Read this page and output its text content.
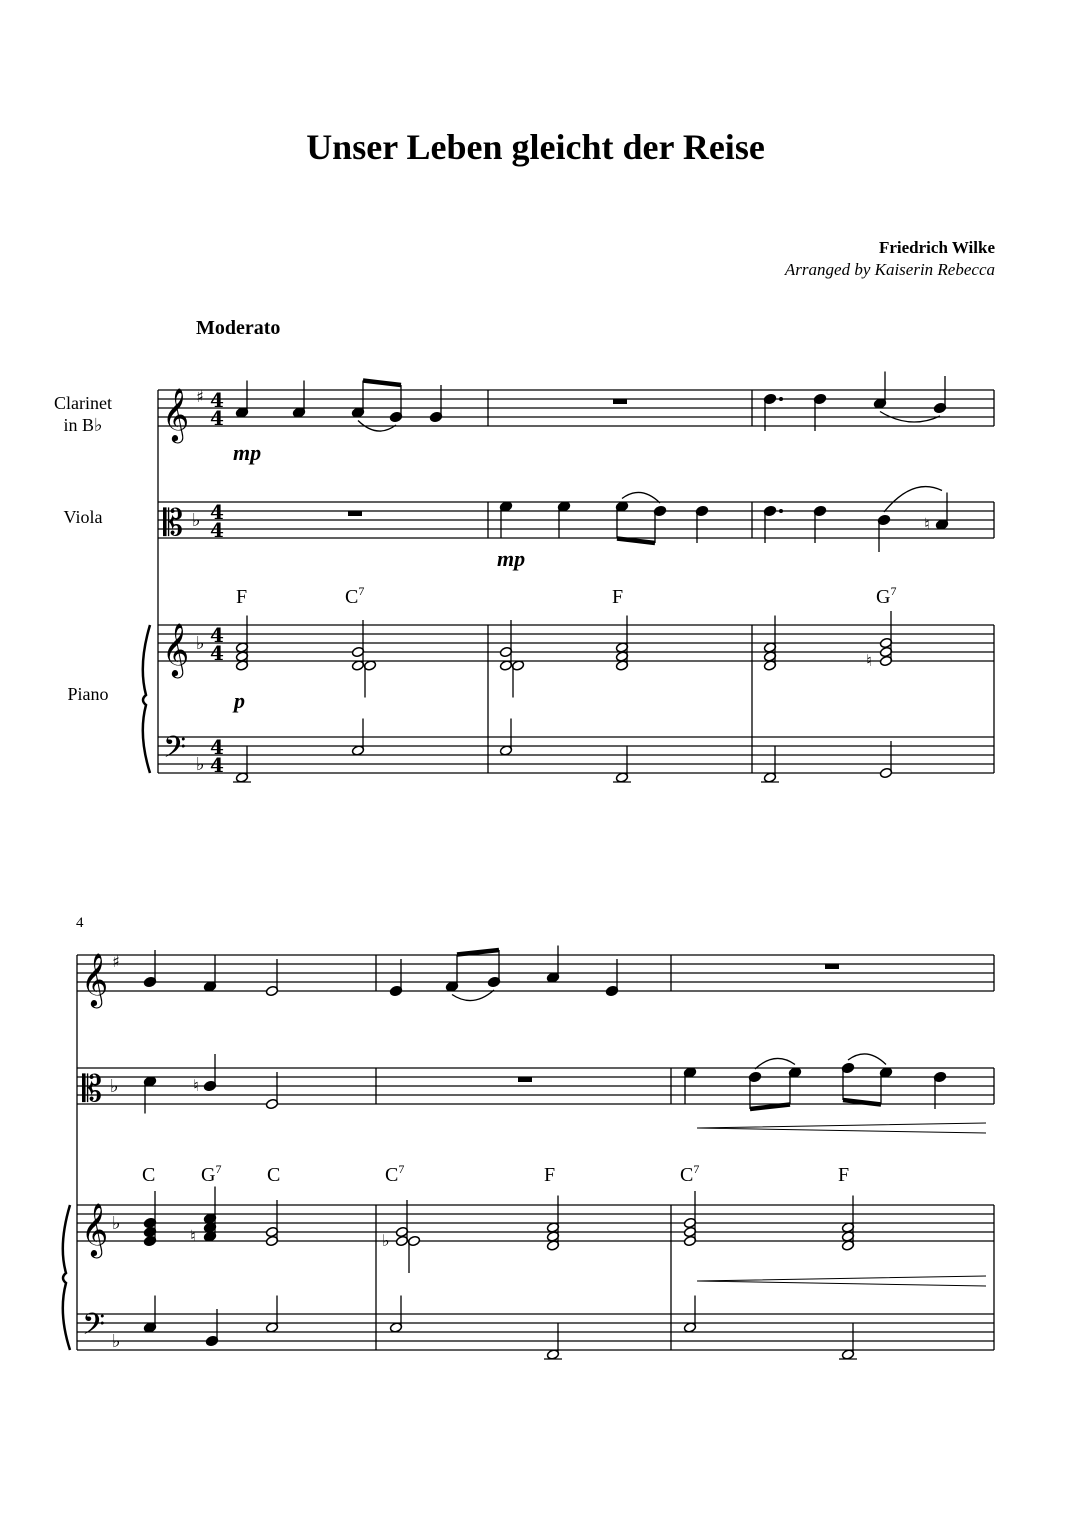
Unser Leben gleicht der Reise
Friedrich Wilke
Arranged by Kaiserin Rebecca
Moderato
Clarinet
in B♭
Viola
Piano
4
F	$C^7$	F	$G^7$
C $G^7$ C	$C^7$	F	$C^7$	F
mp
mp
p
𝄞 ♯
𝄡 ♭
𝄞 ♭
𝄢 ♭
4
4
4
4
4
4
4
4
♮
♮
𝄞 ♯
𝄡 ♭
𝄞 ♭
𝄢 ♭
♮
♮	♭
